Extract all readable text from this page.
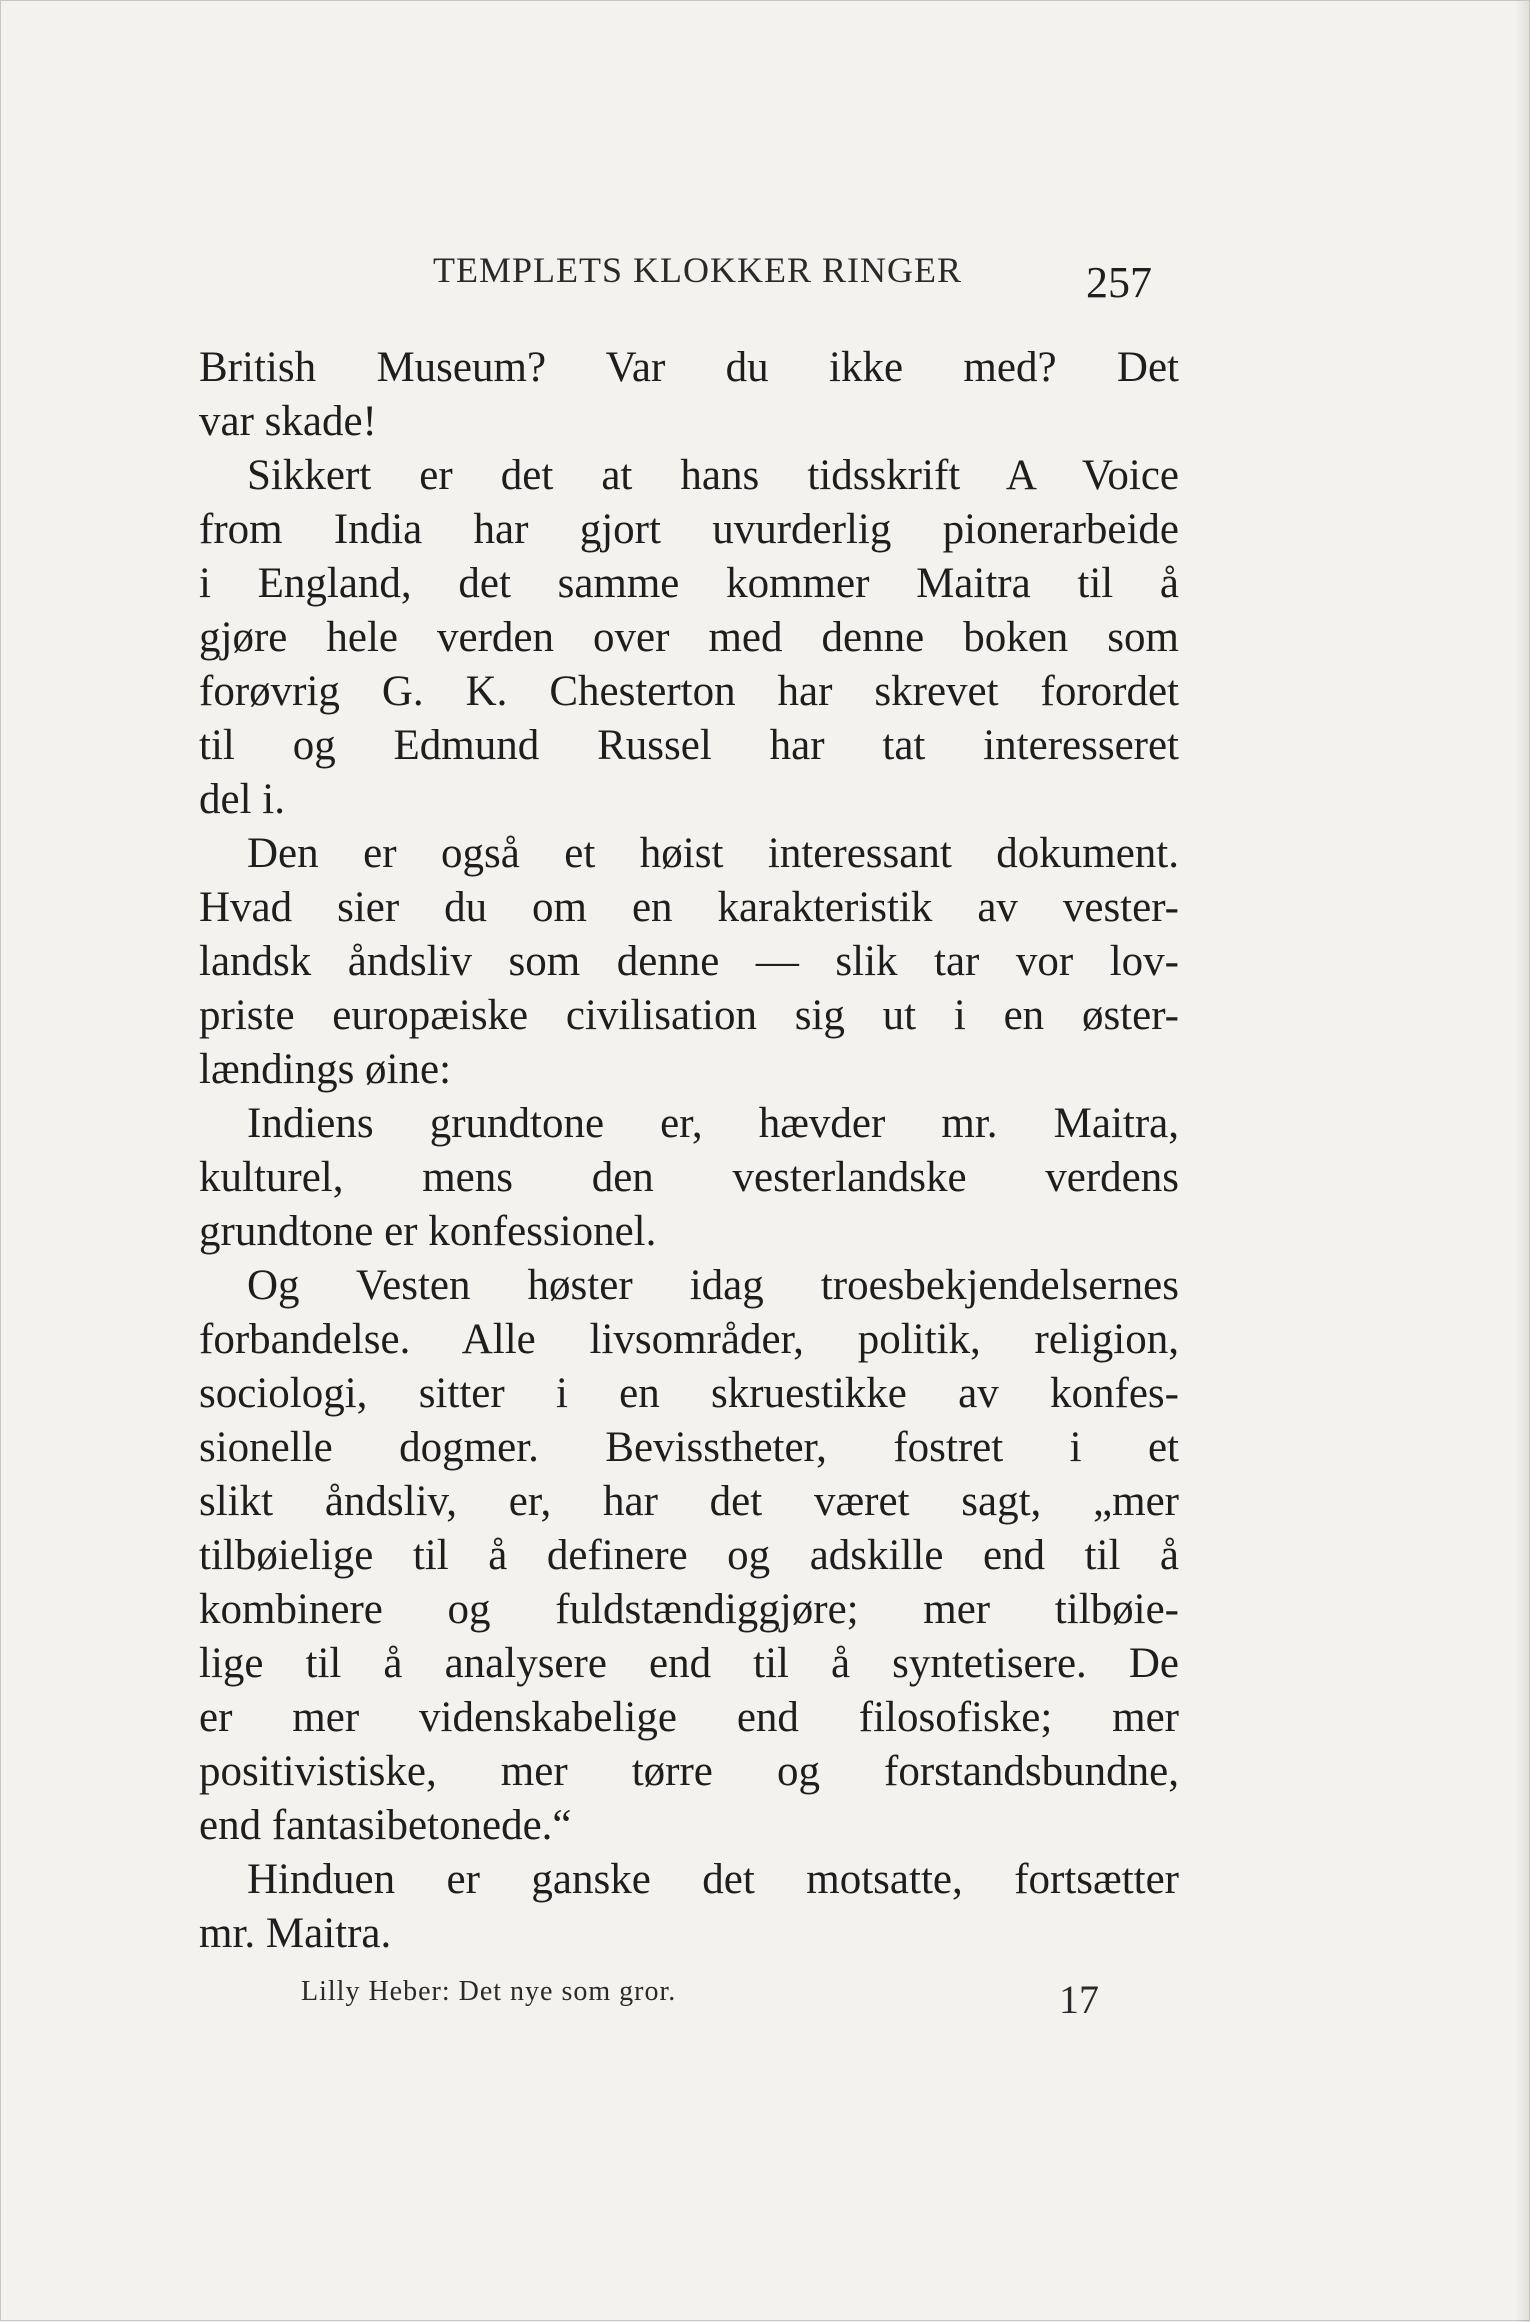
TEMPLETS KLOKKER RINGER	257
British Museum? Var du ikke med? Det
var skade!
Sikkert er det at hans tidsskrift A Voice
from India har gjort uvurderlig pionerarbeide
i England, det samme kommer Maitra til å
gjøre hele verden over med denne boken som
forøvrig G. K. Chesterton har skrevet forordet
til og Edmund Russel har tat interesseret
del i.
Den er også et høist interessant dokument.
Hvad sier du om en karakteristik av vester-
landsk åndsliv som denne — slik tar vor lov-
priste europæiske civilisation sig ut i en øster-
lændings øine:
Indiens grundtone er, hævder mr. Maitra,
kulturel, mens den vesterlandske verdens
grundtone er konfessionel.
Og Vesten høster idag troesbekjendelsernes
forbandelse. Alle livsområder, politik, religion,
sociologi, sitter i en skruestikke av konfes-
sionelle dogmer. Bevisstheter, fostret i et
slikt åndsliv, er, har det været sagt, „mer
tilbøielige til å definere og adskille end til å
kombinere og fuldstændiggjøre; mer tilbøie-
lige til å analysere end til å syntetisere. De
er mer videnskabelige end filosofiske; mer
positivistiske, mer tørre og forstandsbundne,
end fantasibetonede.“
Hinduen er ganske det motsatte, fortsætter
mr. Maitra.
Lilly Heber: Det nye som gror.	17
